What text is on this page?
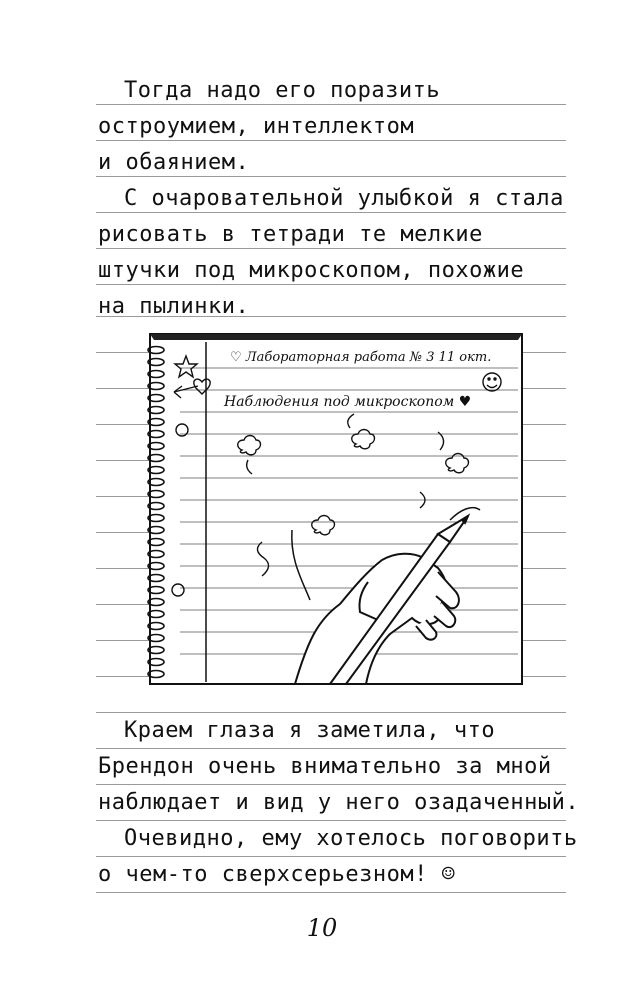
Тогда надо его поразить
остроумием, интеллектом
и обаянием.
С очаровательной улыбкой я стала
рисовать в тетради те мелкие
штучки под микроскопом, похожие
на пылинки.
♡ Лабораторная работа № 3 11 окт.
Наблюдения под микроскопом ♥
Краем глаза я заметила, что
Брендон очень внимательно за мной
наблюдает и вид у него озадаченный.
Очевидно, ему хотелось поговорить
о чем-то сверхсерьезном! ☺
10
